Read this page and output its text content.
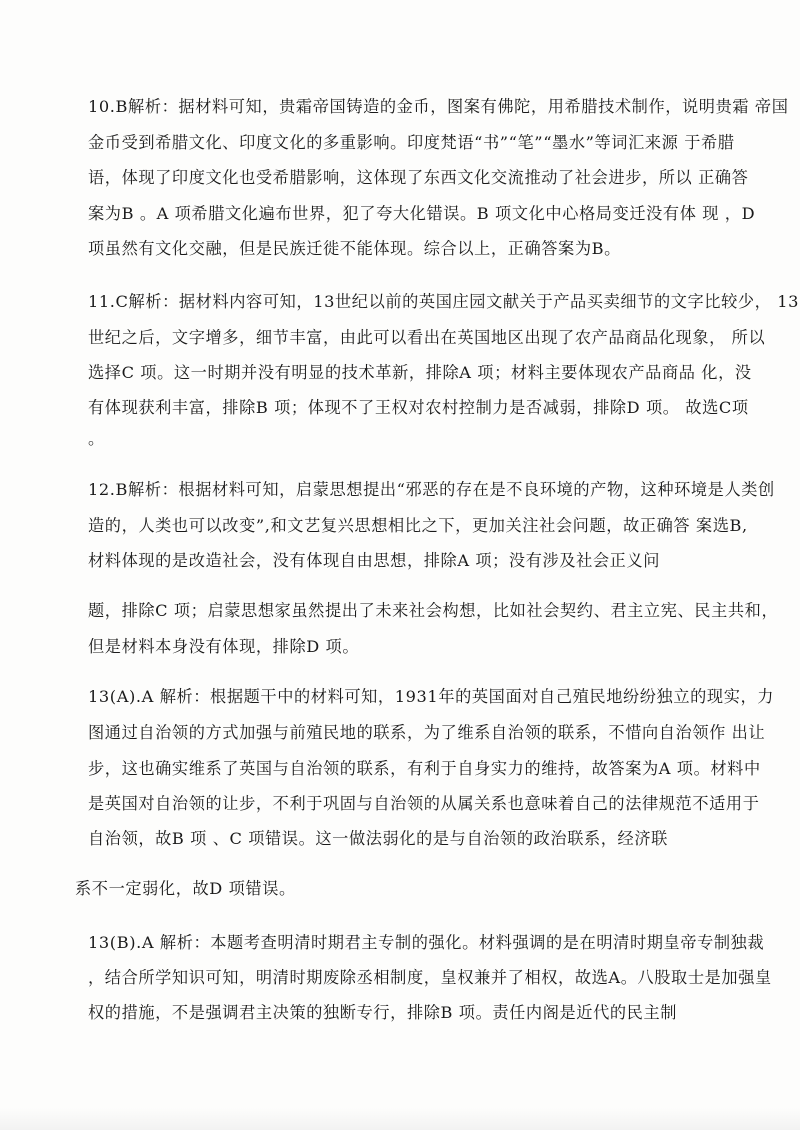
10.B解析：据材料可知，贵霜帝国铸造的金币，图案有佛陀，用希腊技术制作，说明贵霜 帝国
金币受到希腊文化、印度文化的多重影响。印度梵语“书”“笔”“墨水”等词汇来源 于希腊
语，体现了印度文化也受希腊影响，这体现了东西文化交流推动了社会进步，所以 正确答
案为B 。A 项希腊文化遍布世界，犯了夸大化错误。B 项文化中心格局变迁没有体 现 ，D
项虽然有文化交融，但是民族迁徙不能体现。综合以上，正确答案为B。
11.C解析：据材料内容可知，13世纪以前的英国庄园文献关于产品买卖细节的文字比较少， 13
世纪之后，文字增多，细节丰富，由此可以看出在英国地区出现了农产品商品化现象， 所以
选择C 项。这一时期并没有明显的技术革新，排除A 项；材料主要体现农产品商品 化，没
有体现获利丰富，排除B 项；体现不了王权对农村控制力是否减弱，排除D 项。 故选C项
。
12.B解析：根据材料可知，启蒙思想提出“邪恶的存在是不良环境的产物，这种环境是人类创
造的，人类也可以改变”,和文艺复兴思想相比之下，更加关注社会问题，故正确答 案选B,
材料体现的是改造社会，没有体现自由思想，排除A 项；没有涉及社会正义问
题，排除C 项；启蒙思想家虽然提出了未来社会构想，比如社会契约、君主立宪、民主共和，
但是材料本身没有体现，排除D 项。
13(A).A 解析：根据题干中的材料可知，1931年的英国面对自己殖民地纷纷独立的现实，力
图通过自治领的方式加强与前殖民地的联系，为了维系自治领的联系，不惜向自治领作 出让
步，这也确实维系了英国与自治领的联系，有利于自身实力的维持，故答案为A 项。材料中
是英国对自治领的让步，不利于巩固与自治领的从属关系也意味着自己的法律规范不适用于
自治领，故B 项 、C 项错误。这一做法弱化的是与自治领的政治联系，经济联
系不一定弱化，故D 项错误。
13(B).A 解析：本题考查明清时期君主专制的强化。材料强调的是在明清时期皇帝专制独裁
，结合所学知识可知，明清时期废除丞相制度，皇权兼并了相权，故选A。八股取士是加强皇
权的措施，不是强调君主决策的独断专行，排除B 项。责任内阁是近代的民主制
